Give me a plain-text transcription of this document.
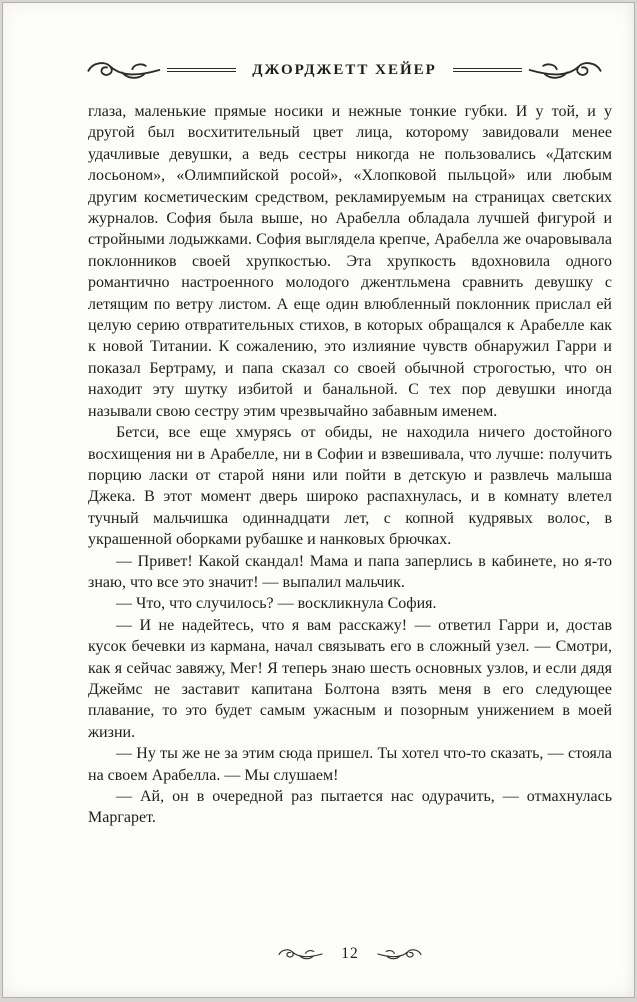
ДЖОРДЖЕТТ ХЕЙЕР

глаза, маленькие прямые носики и нежные тонкие губки. И у той, и у другой был восхитительный цвет лица, которому завидовали менее удачливые девушки, а ведь сестры никогда не пользовались «Датским лосьоном», «Олимпийской росой», «Хлопковой пыльцой» или любым другим косметическим средством, рекламируемым на страницах светских журналов. София была выше, но Арабелла обладала лучшей фигурой и стройными лодыжками. София выглядела крепче, Арабелла же очаровывала поклонников своей хрупкостью. Эта хрупкость вдохновила одного романтично настроенного молодого джентльмена сравнить девушку с летящим по ветру листом. А еще один влюбленный поклонник прислал ей целую серию отвратительных стихов, в которых обращался к Арабелле как к новой Титании. К сожалению, это излияние чувств обнаружил Гарри и показал Бертраму, и папа сказал со своей обычной строгостью, что он находит эту шутку избитой и банальной. С тех пор девушки иногда называли свою сестру этим чрезвычайно забавным именем.

Бетси, все еще хмурясь от обиды, не находила ничего достойного восхищения ни в Арабелле, ни в Софии и взвешивала, что лучше: получить порцию ласки от старой няни или пойти в детскую и развлечь малыша Джека. В этот момент дверь широко распахнулась, и в комнату влетел тучный мальчишка одиннадцати лет, с копной кудрявых волос, в украшенной оборками рубашке и нанковых брючках.

— Привет! Какой скандал! Мама и папа заперлись в кабинете, но я-то знаю, что все это значит! — выпалил мальчик.

— Что, что случилось? — воскликнула София.

— И не надейтесь, что я вам расскажу! — ответил Гарри и, достав кусок бечевки из кармана, начал связывать его в сложный узел. — Смотри, как я сейчас завяжу, Мег! Я теперь знаю шесть основных узлов, и если дядя Джеймс не заставит капитана Болтона взять меня в его следующее плавание, то это будет самым ужасным и позорным унижением в моей жизни.

— Ну ты же не за этим сюда пришел. Ты хотел что-то сказать, — стояла на своем Арабелла. — Мы слушаем!

— Ай, он в очередной раз пытается нас одурачить, — отмахнулась Маргарет.

12
